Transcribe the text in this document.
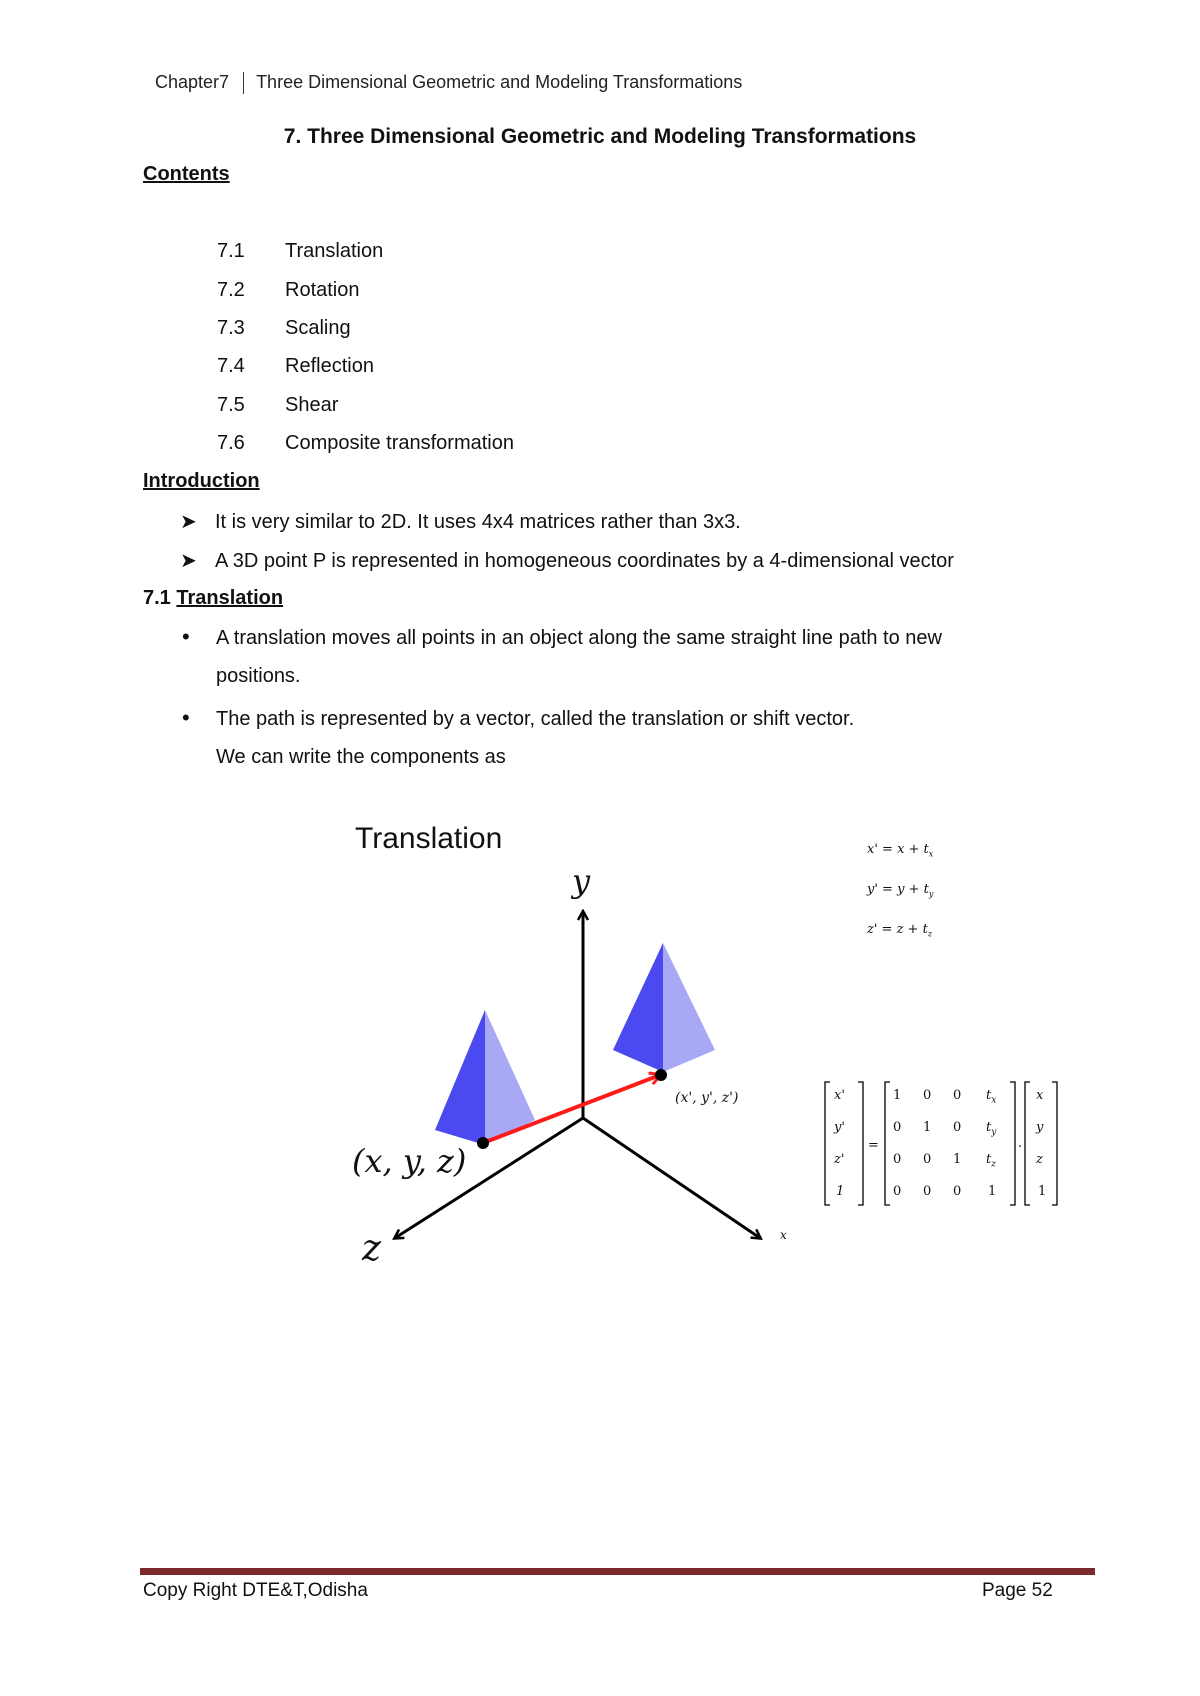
Chapter7 Three Dimensional Geometric and Modeling Transformations
7. Three Dimensional Geometric and Modeling Transformations
Contents
7.1 Translation
7.2 Rotation
7.3 Scaling
7.4 Reflection
7.5 Shear
7.6 Composite transformation
Introduction
➤ It is very similar to 2D. It uses 4x4 matrices rather than 3x3.
➤ A 3D point P is represented in homogeneous coordinates by a 4-dimensional vector
7.1 Translation
• A translation moves all points in an object along the same straight line path to new
positions.
• The path is represented by a vector, called the translation or shift vector.
We can write the components as
Translation
y
z	x
(x, y, z)
(x', y', z')
$x' = x + t_x$
$y' = y + t_y$
$z' = z + t_z$
x'
y'
z'
1
=
1 0 0 $t_x$
0 1 0 $t_y$
0 0 1 $t_z$
0 0 0 1
.
x
y
z
1
Copy Right DTE&T,Odisha	Page 52
